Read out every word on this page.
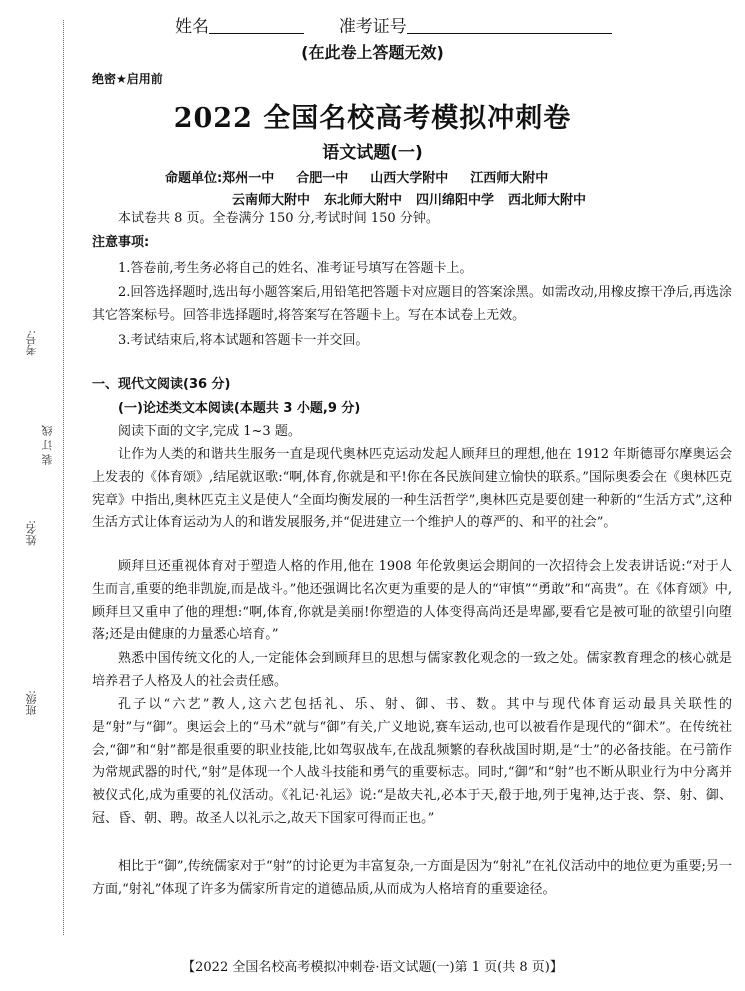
考号:
装 订 线
姓名:
班级:
姓名	准考证号
(在此卷上答题无效)
绝密★启用前
2022 全国名校高考模拟冲刺卷
语文试题(一)
命题单位:郑州一中 合肥一中 山西大学附中 江西师大附中
云南师大附中 东北师大附中 四川绵阳中学 西北师大附中
本试卷共 8 页。全卷满分 150 分,考试时间 150 分钟。
注意事项:
1.答卷前,考生务必将自己的姓名、准考证号填写在答题卡上。
2.回答选择题时,选出每小题答案后,用铅笔把答题卡对应题目的答案涂黑。如需改动,用橡皮擦干净后,再选涂其它答案标号。回答非选择题时,将答案写在答题卡上。写在本试卷上无效。
3.考试结束后,将本试题和答题卡一并交回。
一、现代文阅读(36 分)
(一)论述类文本阅读(本题共 3 小题,9 分)
阅读下面的文字,完成 1~3 题。
让作为人类的和谐共生服务一直是现代奥林匹克运动发起人顾拜旦的理想,他在 1912 年斯德哥尔摩奥运会上发表的《体育颂》,结尾就讴歌:“啊,体育,你就是和平!你在各民族间建立愉快的联系。”国际奥委会在《奥林匹克宪章》中指出,奥林匹克主义是使人“全面均衡发展的一种生活哲学”,奥林匹克是要创建一种新的“生活方式”,这种生活方式让体育运动为人的和谐发展服务,并“促进建立一个维护人的尊严的、和平的社会”。
顾拜旦还重视体育对于塑造人格的作用,他在 1908 年伦敦奥运会期间的一次招待会上发表讲话说:“对于人生而言,重要的绝非凯旋,而是战斗。”他还强调比名次更为重要的是人的“审慎”“勇敢”和“高贵”。在《体育颂》中,顾拜旦又重申了他的理想:“啊,体育,你就是美丽!你塑造的人体变得高尚还是卑鄙,要看它是被可耻的欲望引向堕落;还是由健康的力量悉心培育。”
熟悉中国传统文化的人,一定能体会到顾拜旦的思想与儒家教化观念的一致之处。儒家教育理念的核心就是培养君子人格及人的社会责任感。
孔子以“六艺”教人,这六艺包括礼、乐、射、御、书、数。其中与现代体育运动最具关联性的是“射”与“御”。奥运会上的“马术”就与“御”有关,广义地说,赛车运动,也可以被看作是现代的“御术”。在传统社会,“御”和“射”都是很重要的职业技能,比如驾驭战车,在战乱频繁的春秋战国时期,是“士”的必备技能。在弓箭作为常规武器的时代,“射”是体现一个人战斗技能和勇气的重要标志。同时,“御”和“射”也不断从职业行为中分离并被仪式化,成为重要的礼仪活动。《礼记·礼运》说:“是故夫礼,必本于天,殽于地,列于鬼神,达于丧、祭、射、御、冠、昏、朝、聘。故圣人以礼示之,故天下国家可得而正也。”
相比于“御”,传统儒家对于“射”的讨论更为丰富复杂,一方面是因为“射礼”在礼仪活动中的地位更为重要;另一方面,“射礼”体现了许多为儒家所肯定的道德品质,从而成为人格培育的重要途径。
【2022 全国名校高考模拟冲刺卷·语文试题(一)第 1 页(共 8 页)】
